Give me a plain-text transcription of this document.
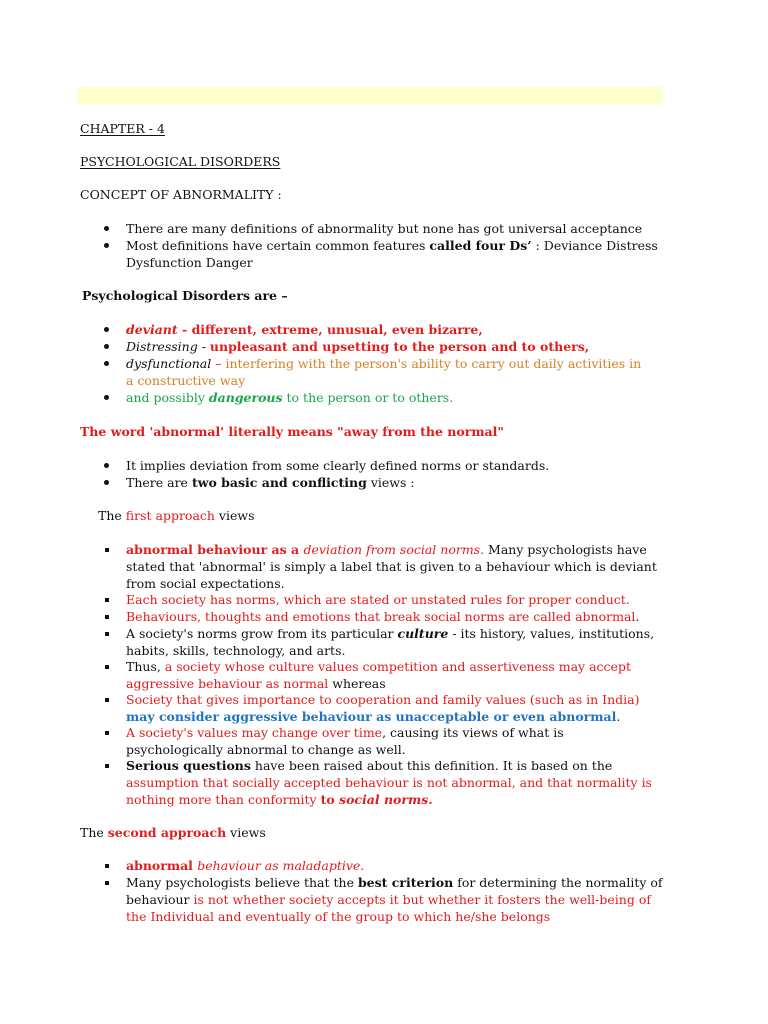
CHAPTER - 4
PSYCHOLOGICAL DISORDERS
CONCEPT OF ABNORMALITY :
There are many definitions of abnormality but none has got universal acceptance
Most definitions have certain common features called four Ds’ : Deviance Distress
Dysfunction Danger
Psychological Disorders are –
deviant - different, extreme, unusual, even bizarre,
Distressing - unpleasant and upsetting to the person and to others,
dysfunctional – interfering with the person's ability to carry out daily activities in
a constructive way
and possibly dangerous to the person or to others.
The word 'abnormal' literally means "away from the normal"
It implies deviation from some clearly defined norms or standards.
There are two basic and conflicting views :
The first approach views
abnormal behaviour as a deviation from social norms. Many psychologists have
stated that 'abnormal' is simply a label that is given to a behaviour which is deviant
from social expectations.
Each society has norms, which are stated or unstated rules for proper conduct.
Behaviours, thoughts and emotions that break social norms are called abnormal.
A society's norms grow from its particular culture - its history, values, institutions,
habits, skills, technology, and arts.
Thus, a society whose culture values competition and assertiveness may accept
aggressive behaviour as normal whereas
Society that gives importance to cooperation and family values (such as in India)
may consider aggressive behaviour as unacceptable or even abnormal.
A society's values may change over time, causing its views of what is
psychologically abnormal to change as well.
Serious questions have been raised about this definition. It is based on the
assumption that socially accepted behaviour is not abnormal, and that normality is
nothing more than conformity to social norms.
The second approach views
abnormal behaviour as maladaptive.
Many psychologists believe that the best criterion for determining the normality of
behaviour is not whether society accepts it but whether it fosters the well-being of
the Individual and eventually of the group to which he/she belongs
